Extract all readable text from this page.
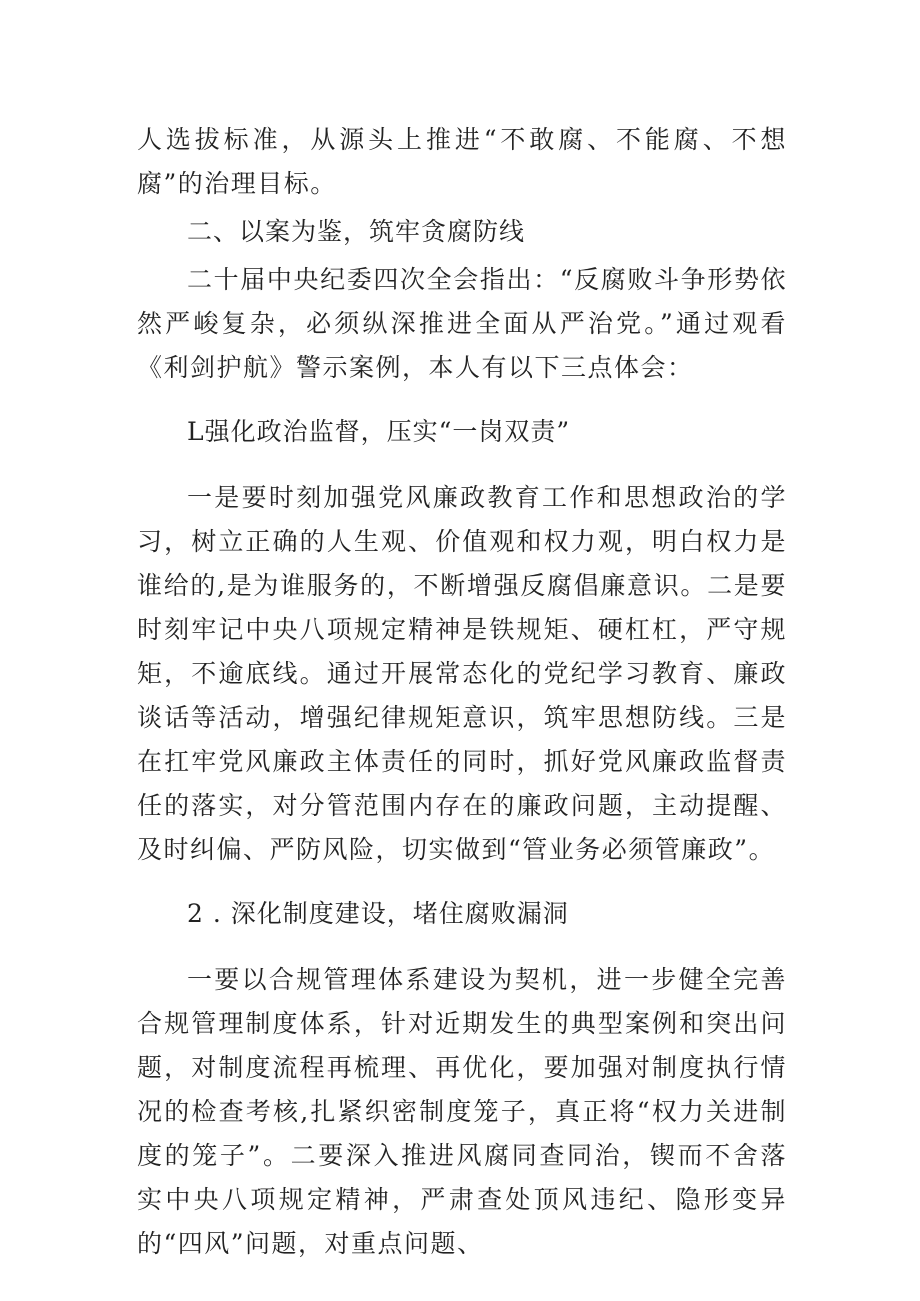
人选拔标准，从源头上推进“不敢腐、不能腐、不想腐”的治理目标。

二、以案为鉴，筑牢贪腐防线

二十届中央纪委四次全会指出：“反腐败斗争形势依然严峻复杂，必须纵深推进全面从严治党。”通过观看《利剑护航》警示案例，本人有以下三点体会：

L强化政治监督，压实“一岗双责”

一是要时刻加强党风廉政教育工作和思想政治的学习，树立正确的人生观、价值观和权力观，明白权力是谁给的,是为谁服务的，不断增强反腐倡廉意识。二是要时刻牢记中央八项规定精神是铁规矩、硬杠杠，严守规矩，不逾底线。通过开展常态化的党纪学习教育、廉政谈话等活动，增强纪律规矩意识，筑牢思想防线。三是在扛牢党风廉政主体责任的同时，抓好党风廉政监督责任的落实，对分管范围内存在的廉政问题，主动提醒、及时纠偏、严防风险，切实做到“管业务必须管廉政”。

2 . 深化制度建设，堵住腐败漏洞

一要以合规管理体系建设为契机，进一步健全完善合规管理制度体系，针对近期发生的典型案例和突出问题，对制度流程再梳理、再优化，要加强对制度执行情况的检查考核,扎紧织密制度笼子，真正将“权力关进制度的笼子”。二要深入推进风腐同查同治，锲而不舍落实中央八项规定精神，严肃查处顶风违纪、隐形变异的“四风”问题，对重点问题、
